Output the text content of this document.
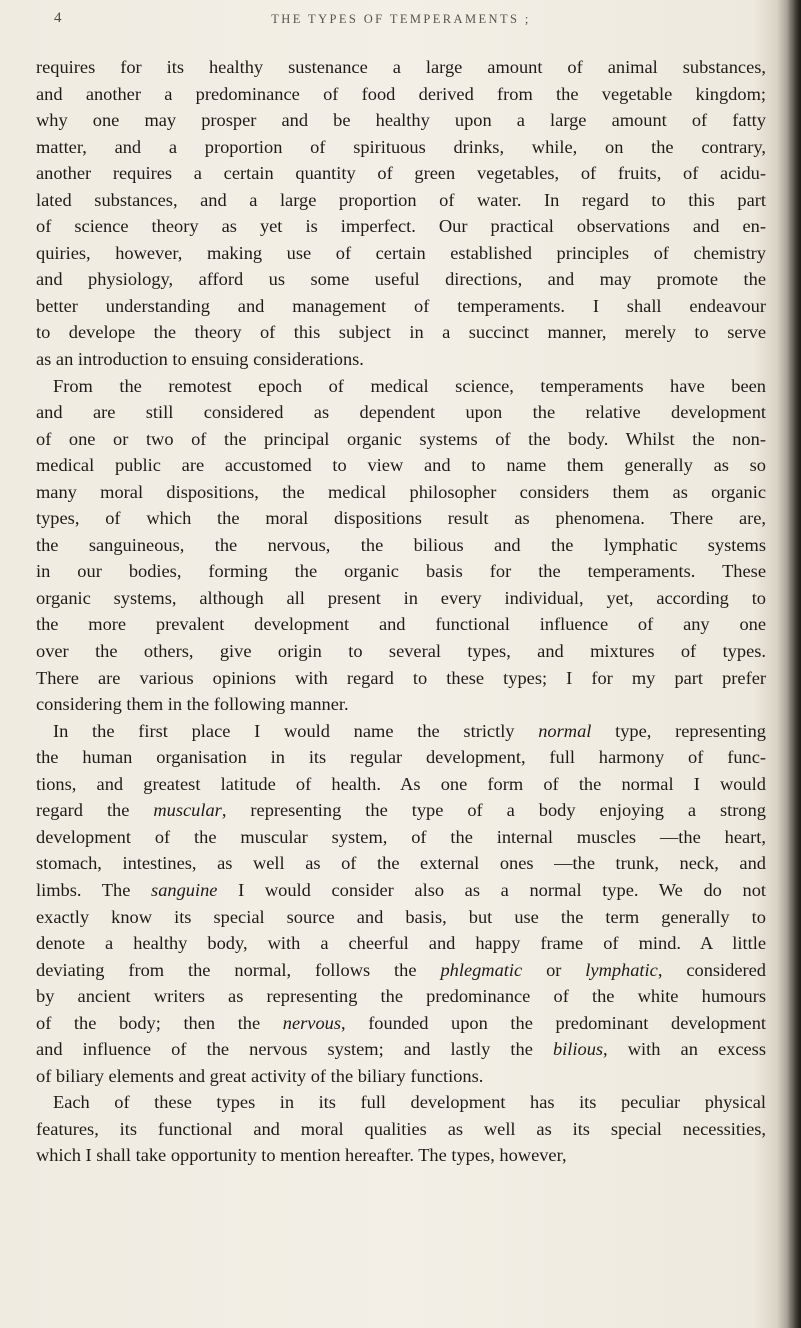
4	THE TYPES OF TEMPERAMENTS ;

requires for its healthy sustenance a large amount of animal substances,
and another a predominance of food derived from the vegetable kingdom;
why one may prosper and be healthy upon a large amount of fatty
matter, and a proportion of spirituous drinks, while, on the contrary,
another requires a certain quantity of green vegetables, of fruits, of acidu-
lated substances, and a large proportion of water. In regard to this part
of science theory as yet is imperfect. Our practical observations and en-
quiries, however, making use of certain established principles of chemistry
and physiology, afford us some useful directions, and may promote the
better understanding and management of temperaments. I shall endeavour
to develope the theory of this subject in a succinct manner, merely to serve
as an introduction to ensuing considerations.

From the remotest epoch of medical science, temperaments have been
and are still considered as dependent upon the relative development
of one or two of the principal organic systems of the body. Whilst the non-
medical public are accustomed to view and to name them generally as so
many moral dispositions, the medical philosopher considers them as organic
types, of which the moral dispositions result as phenomena. There are,
the sanguineous, the nervous, the bilious and the lymphatic systems
in our bodies, forming the organic basis for the temperaments. These
organic systems, although all present in every individual, yet, according to
the more prevalent development and functional influence of any one
over the others, give origin to several types, and mixtures of types.
There are various opinions with regard to these types; I for my part prefer
considering them in the following manner.

In the first place I would name the strictly normal type, representing
the human organisation in its regular development, full harmony of func-
tions, and greatest latitude of health. As one form of the normal I would
regard the muscular, representing the type of a body enjoying a strong
development of the muscular system, of the internal muscles —the heart,
stomach, intestines, as well as of the external ones —the trunk, neck, and
limbs. The sanguine I would consider also as a normal type. We do not
exactly know its special source and basis, but use the term generally to
denote a healthy body, with a cheerful and happy frame of mind. A little
deviating from the normal, follows the phlegmatic or lymphatic, considered
by ancient writers as representing the predominance of the white humours
of the body; then the nervous, founded upon the predominant development
and influence of the nervous system; and lastly the bilious, with an excess
of biliary elements and great activity of the biliary functions.

Each of these types in its full development has its peculiar physical
features, its functional and moral qualities as well as its special necessities,
which I shall take opportunity to mention hereafter. The types, however,
